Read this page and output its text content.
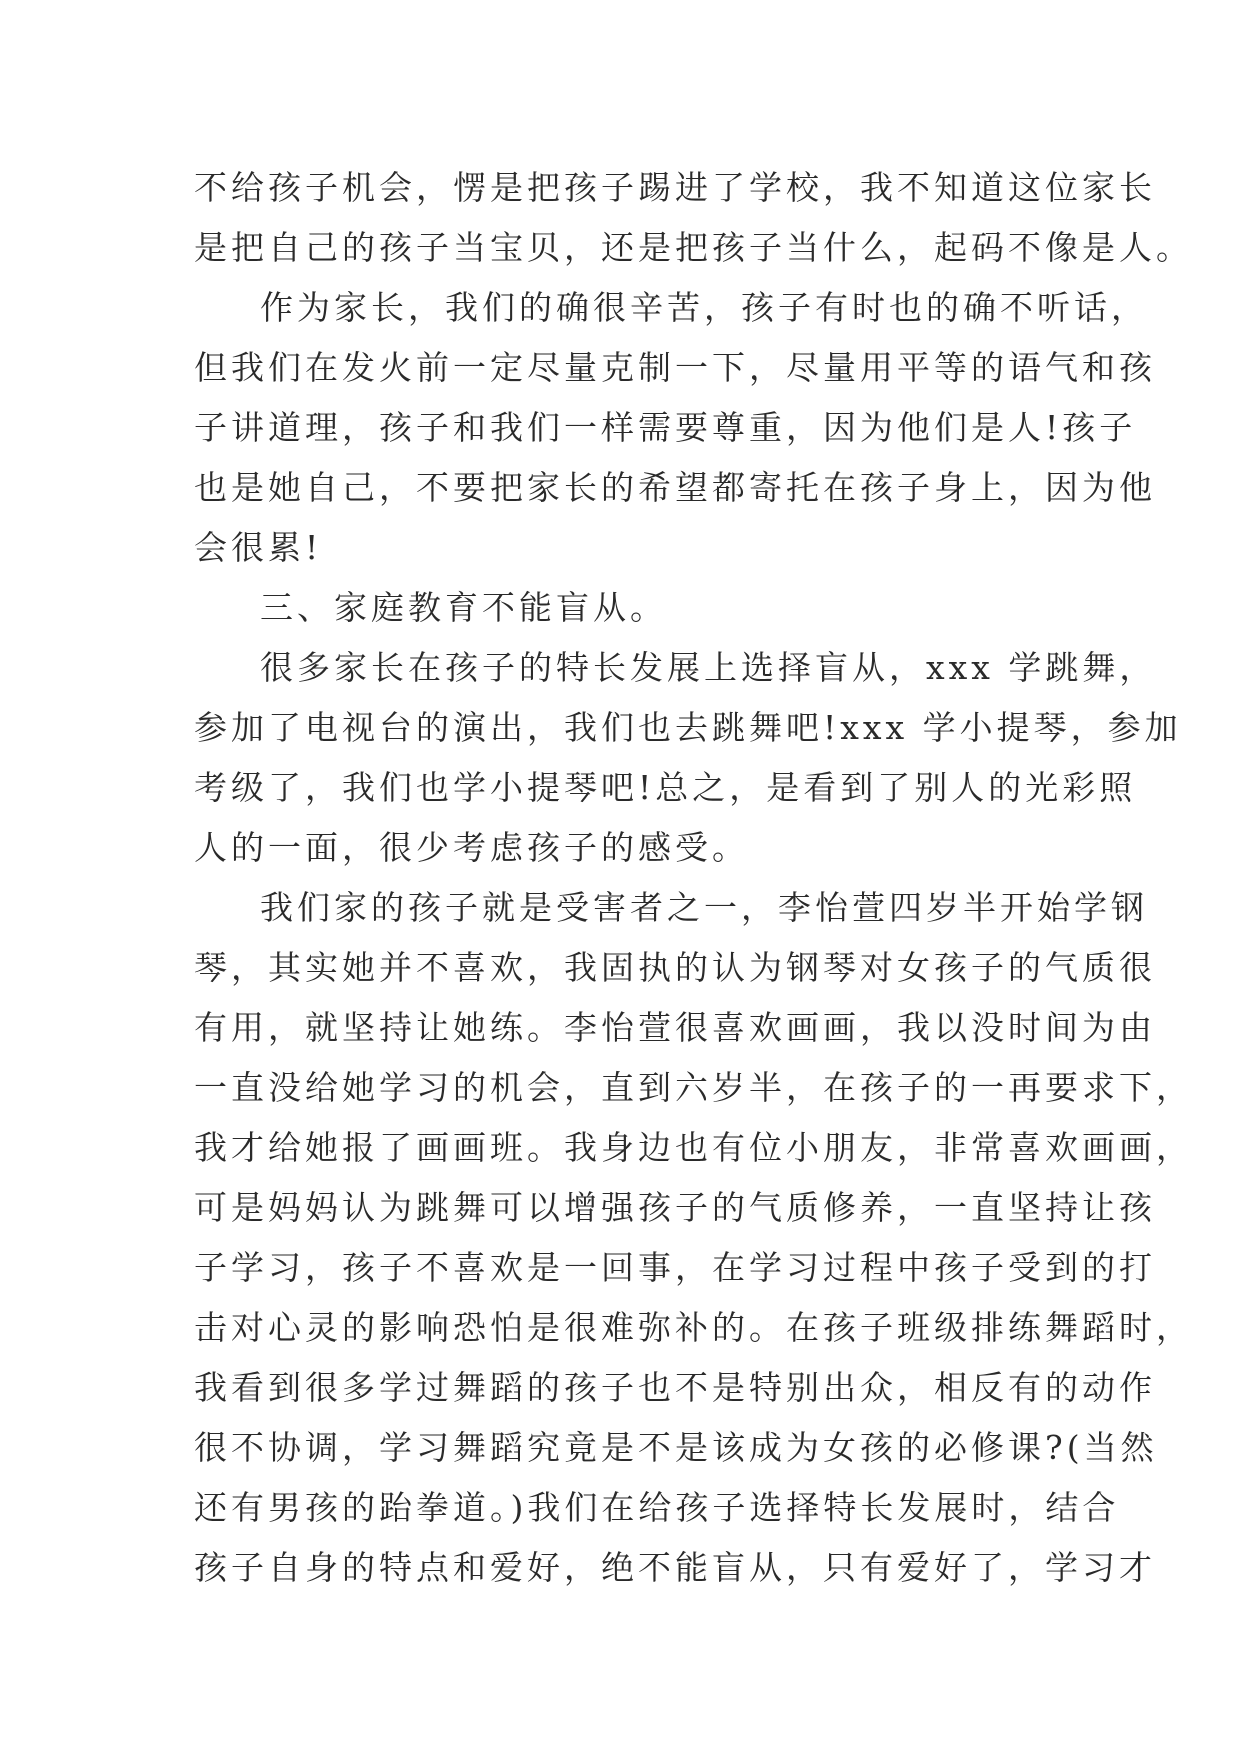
不给孩子机会，愣是把孩子踢进了学校，我不知道这位家长
是把自己的孩子当宝贝，还是把孩子当什么，起码不像是人。
作为家长，我们的确很辛苦，孩子有时也的确不听话，
但我们在发火前一定尽量克制一下，尽量用平等的语气和孩
子讲道理，孩子和我们一样需要尊重，因为他们是人!孩子
也是她自己，不要把家长的希望都寄托在孩子身上，因为他
会很累!
三、家庭教育不能盲从。
很多家长在孩子的特长发展上选择盲从，xxx 学跳舞，
参加了电视台的演出，我们也去跳舞吧!xxx 学小提琴，参加
考级了，我们也学小提琴吧!总之，是看到了别人的光彩照
人的一面，很少考虑孩子的感受。
我们家的孩子就是受害者之一，李怡萱四岁半开始学钢
琴，其实她并不喜欢，我固执的认为钢琴对女孩子的气质很
有用，就坚持让她练。李怡萱很喜欢画画，我以没时间为由
一直没给她学习的机会，直到六岁半，在孩子的一再要求下，
我才给她报了画画班。我身边也有位小朋友，非常喜欢画画，
可是妈妈认为跳舞可以增强孩子的气质修养，一直坚持让孩
子学习，孩子不喜欢是一回事，在学习过程中孩子受到的打
击对心灵的影响恐怕是很难弥补的。在孩子班级排练舞蹈时，
我看到很多学过舞蹈的孩子也不是特别出众，相反有的动作
很不协调，学习舞蹈究竟是不是该成为女孩的必修课?(当然
还有男孩的跆拳道。)我们在给孩子选择特长发展时，结合
孩子自身的特点和爱好，绝不能盲从，只有爱好了，学习才
